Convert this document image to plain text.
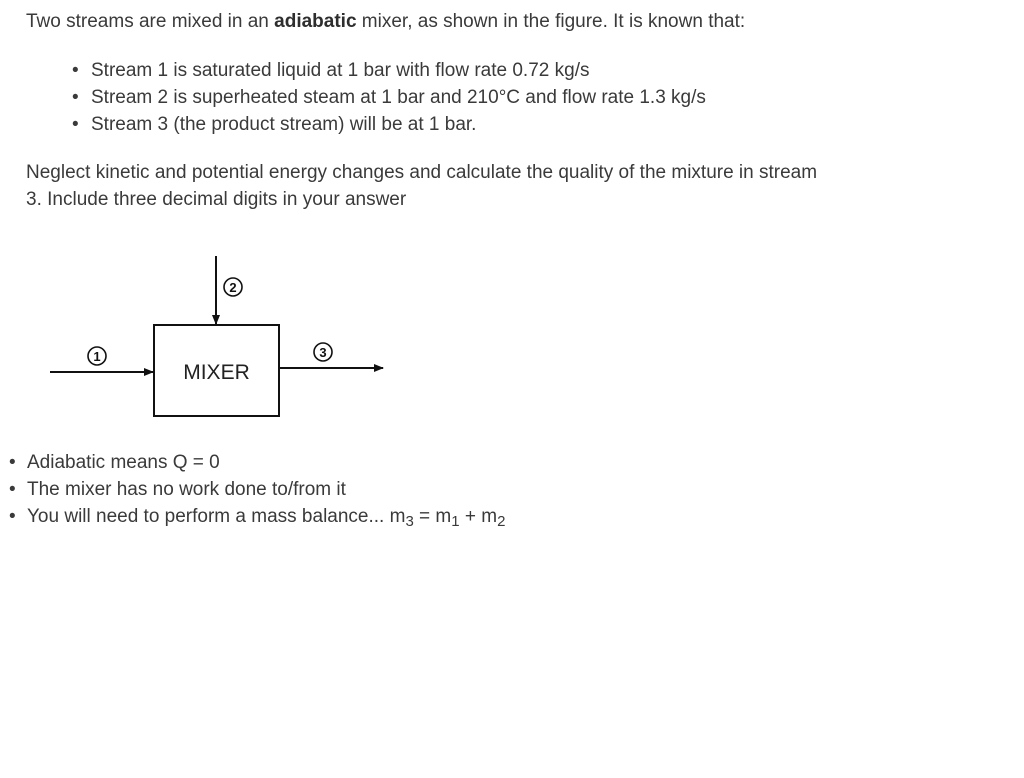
Two streams are mixed in an adiabatic mixer, as shown in the figure. It is known that:
• Stream 1 is saturated liquid at 1 bar with flow rate 0.72 kg/s
• Stream 2 is superheated steam at 1 bar and 210°C and flow rate 1.3 kg/s
• Stream 3 (the product stream) will be at 1 bar.
Neglect kinetic and potential energy changes and calculate the quality of the mixture in stream
3. Include three decimal digits in your answer
MIXER
1
2
3
• Adiabatic means Q = 0
• The mixer has no work done to/from it
• You will need to perform a mass balance... $m_3 = m_1 + m_2$
